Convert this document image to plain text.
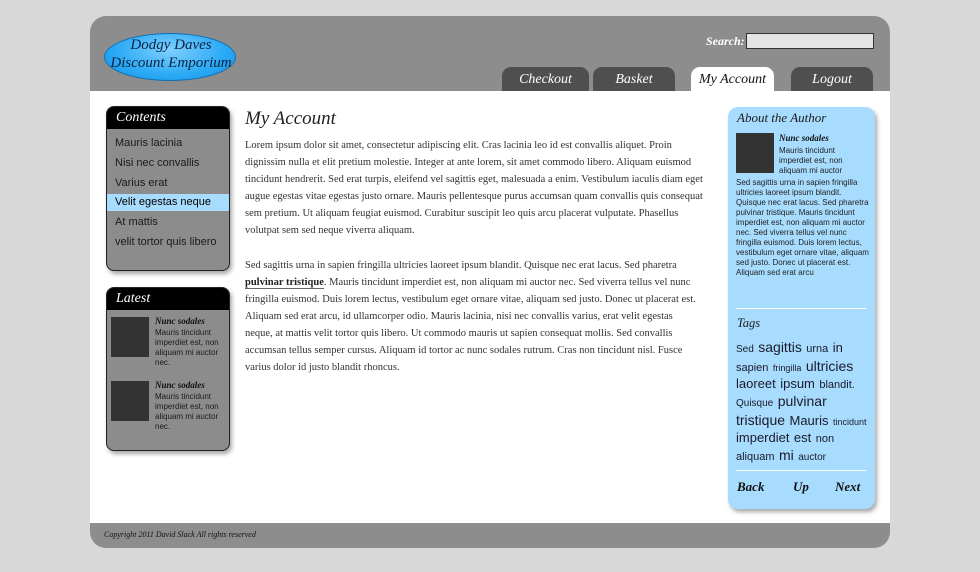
Dodgy Daves
Discount Emporium
Search:
Checkout	Basket	My Account	Logout
Contents
Mauris lacinia
Nisi nec convallis
Varius erat
Velit egestas neque
At mattis
velit tortor quis libero
Latest
Nunc sodales
Mauris tincidunt imperdiet est, non aliquam mi auctor nec.
Nunc sodales
Mauris tincidunt imperdiet est, non aliquam mi auctor nec.
My Account

Lorem ipsum dolor sit amet, consectetur adipiscing elit. Cras lacinia leo id est convallis aliquet. Proin dignissim nulla et elit pretium molestie. Integer at ante lorem, sit amet commodo libero. Aliquam euismod tincidunt hendrerit. Sed erat turpis, eleifend vel sagittis eget, malesuada a enim. Vestibulum iaculis diam eget augue egestas vitae egestas justo ornare. Mauris pellentesque purus accumsan quam convallis quis consequat sem pretium. Ut aliquam feugiat euismod. Curabitur suscipit leo quis arcu placerat vulputate. Phasellus volutpat sem sed neque viverra aliquam.

Sed sagittis urna in sapien fringilla ultricies laoreet ipsum blandit. Quisque nec erat lacus. Sed pharetra pulvinar tristique. Mauris tincidunt imperdiet est, non aliquam mi auctor nec. Sed viverra tellus vel nunc fringilla euismod. Duis lorem lectus, vestibulum eget ornare vitae, aliquam sed justo. Donec ut placerat est. Aliquam sed erat arcu, id ullamcorper odio. Mauris lacinia, nisi nec convallis varius, erat velit egestas neque, at mattis velit tortor quis libero. Ut commodo mauris ut sapien consequat mollis. Sed convallis accumsan tellus semper cursus. Aliquam id tortor ac nunc sodales rutrum. Cras non tincidunt nisl. Fusce varius dolor id justo blandit rhoncus.

About the Author
Nunc sodales
Mauris tincidunt imperdiet est, non aliquam mi auctor
Sed sagittis urna in sapien fringilla ultricies laoreet ipsum blandit. Quisque nec erat lacus. Sed pharetra pulvinar tristique. Mauris tincidunt imperdiet est, non aliquam mi auctor nec. Sed viverra tellus vel nunc fringilla euismod. Duis lorem lectus, vestibulum eget ornare vitae, aliquam sed justo. Donec ut placerat est. Aliquam sed erat arcu
Tags
Sed sagittis urna in sapien fringilla ultricies laoreet ipsum blandit. Quisque pulvinar tristique Mauris tincidunt imperdiet est non aliquam mi auctor
Back Up Next
Copyright 2011 David Slack All rights reserved
